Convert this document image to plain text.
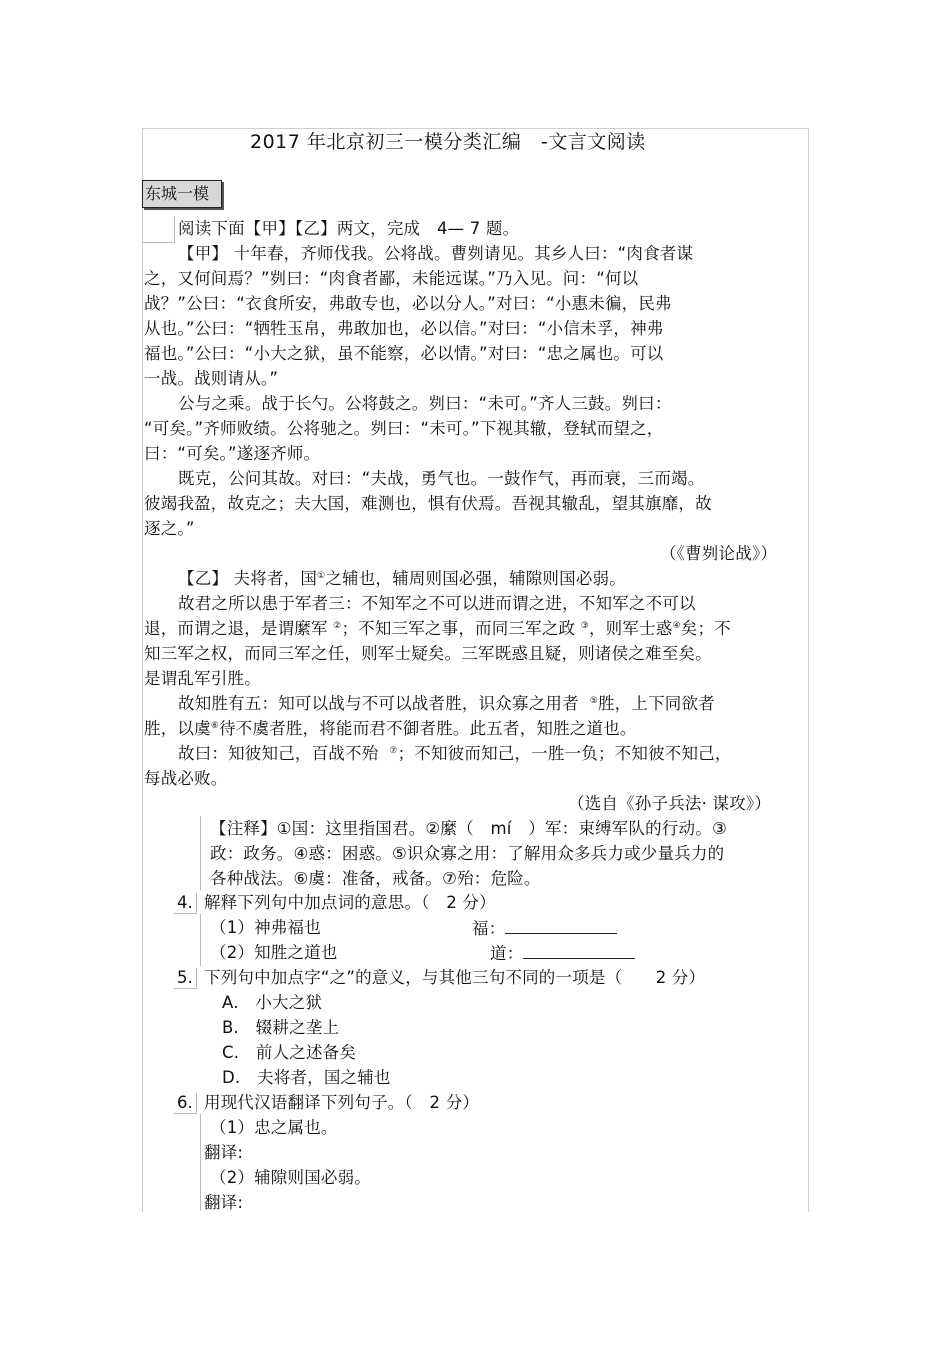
2017 年北京初三一模分类汇编　-文言文阅读
东城一模
阅读下面【甲】【乙】两文，完成　4— 7 题。
【甲】 十年春，齐师伐我。公将战。曹刿请见。其乡人曰：“肉食者谋
之，又何间焉？”刿曰：“肉食者鄙，未能远谋。”乃入见。问：“何以
战？”公曰：“衣食所安，弗敢专也，必以分人。”对曰：“小惠未徧，民弗
从也。”公曰：“牺牲玉帛，弗敢加也，必以信。”对曰：“小信未孚，神弗
福也。”公曰：“小大之狱，虽不能察，必以情。”对曰：“忠之属也。可以
一战。战则请从。”
公与之乘。战于长勺。公将鼓之。刿曰：“未可。”齐人三鼓。刿曰：
“可矣。”齐师败绩。公将驰之。刿曰：“未可。”下视其辙，登轼而望之，
曰：“可矣。”遂逐齐师。
既克，公问其故。对曰：“夫战，勇气也。一鼓作气，再而衰，三而竭。
彼竭我盈，故克之；夫大国，难测也，惧有伏焉。吾视其辙乱，望其旗靡，故
逐之。”
（《曹刿论战》）
【乙】 夫将者，国①之辅也，辅周则国必强，辅隙则国必弱。
故君之所以患于军者三：不知军之不可以进而谓之进，不知军之不可以
退，而谓之退，是谓縻军 ②；不知三军之事，而同三军之政 ③，则军士惑④矣；不
知三军之权，而同三军之任，则军士疑矣。三军既惑且疑，则诸侯之难至矣。
是谓乱军引胜。
故知胜有五：知可以战与不可以战者胜，识众寡之用者 ⑤胜，上下同欲者
胜，以虞⑥待不虞者胜，将能而君不御者胜。此五者，知胜之道也。
故曰：知彼知己，百战不殆 ⑦；不知彼而知己，一胜一负；不知彼不知己，
每战必败。
（选自《孙子兵法· 谋攻》）
【注释】①国：这里指国君。②縻（　mí　）军：束缚军队的行动。③
政：政务。④惑：困惑。⑤识众寡之用：了解用众多兵力或少量兵力的
各种战法。⑥虞：准备，戒备。⑦殆：危险。
4. 解释下列句中加点词的意思。（　2 分）
（1）神弗福也	福：
（2）知胜之道也	道：
5. 下列句中加点字“之”的意义，与其他三句不同的一项是（　　2 分）
A.　小大之狱
B.　辍耕之垄上
C.　前人之述备矣
D.　夫将者，国之辅也
6. 用现代汉语翻译下列句子。（　2 分）
（1）忠之属也。
翻译:
（2）辅隙则国必弱。
翻译:
